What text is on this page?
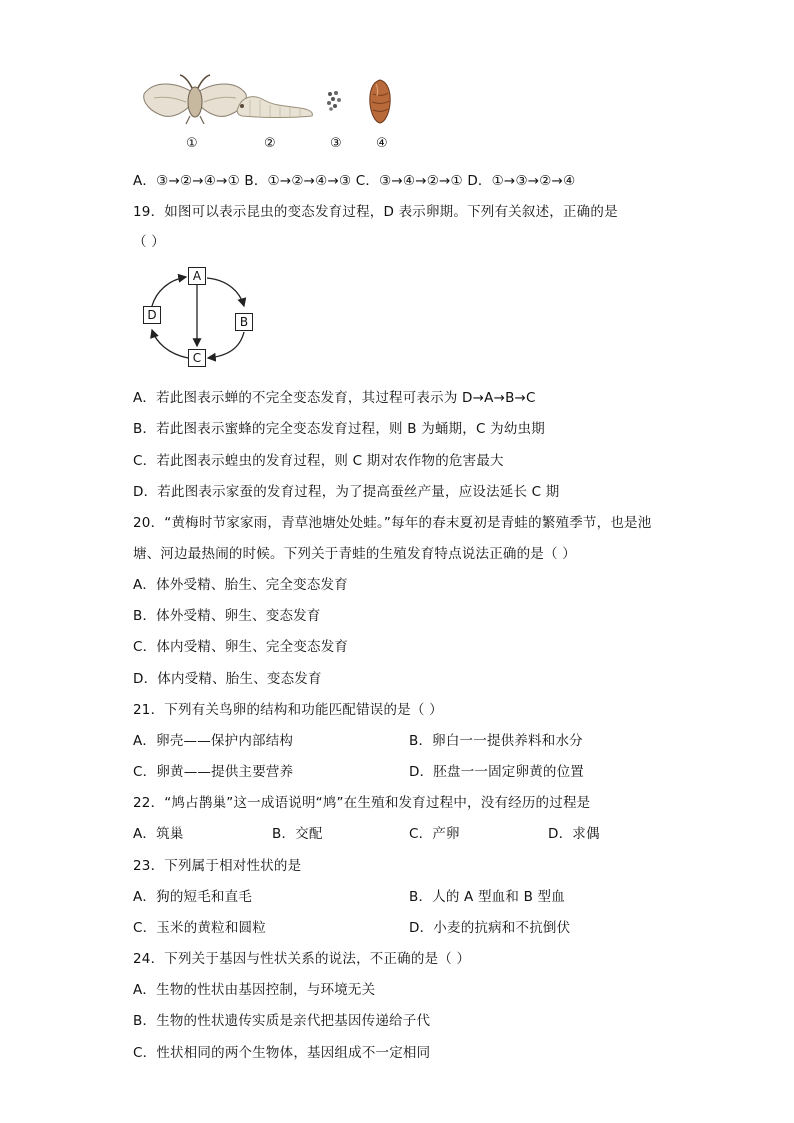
①	②	③	④
A．③→②→④→① B．①→②→④→③ C．③→④→②→① D．①→③→②→④
19．如图可以表示昆虫的变态发育过程，D 表示卵期。下列有关叙述，正确的是
（ ）
A
B
C
D
A．若此图表示蝉的不完全变态发育，其过程可表示为 D→A→B→C
B．若此图表示蜜蜂的完全变态发育过程，则 B 为蛹期，C 为幼虫期
C．若此图表示蝗虫的发育过程，则 C 期对农作物的危害最大
D．若此图表示家蚕的发育过程，为了提高蚕丝产量，应设法延长 C 期
20．“黄梅时节家家雨，青草池塘处处蛙。”每年的春末夏初是青蛙的繁殖季节，也是池
塘、河边最热闹的时候。下列关于青蛙的生殖发育特点说法正确的是（ ）
A．体外受精、胎生、完全变态发育
B．体外受精、卵生、变态发育
C．体内受精、卵生、完全变态发育
D．体内受精、胎生、变态发育
21．下列有关鸟卵的结构和功能匹配错误的是（ ）
A．卵壳——保护内部结构	B．卵白一一提供养料和水分
C．卵黄——提供主要营养	D．胚盘一一固定卵黄的位置
22．“鸠占鹊巢”这一成语说明“鸠”在生殖和发育过程中，没有经历的过程是
A．筑巢	B．交配	C．产卵	D．求偶
23．下列属于相对性状的是
A．狗的短毛和直毛	B．人的 A 型血和 B 型血
C．玉米的黄粒和圆粒	D．小麦的抗病和不抗倒伏
24．下列关于基因与性状关系的说法，不正确的是（ ）
A．生物的性状由基因控制，与环境无关
B．生物的性状遗传实质是亲代把基因传递给子代
C．性状相同的两个生物体，基因组成不一定相同
